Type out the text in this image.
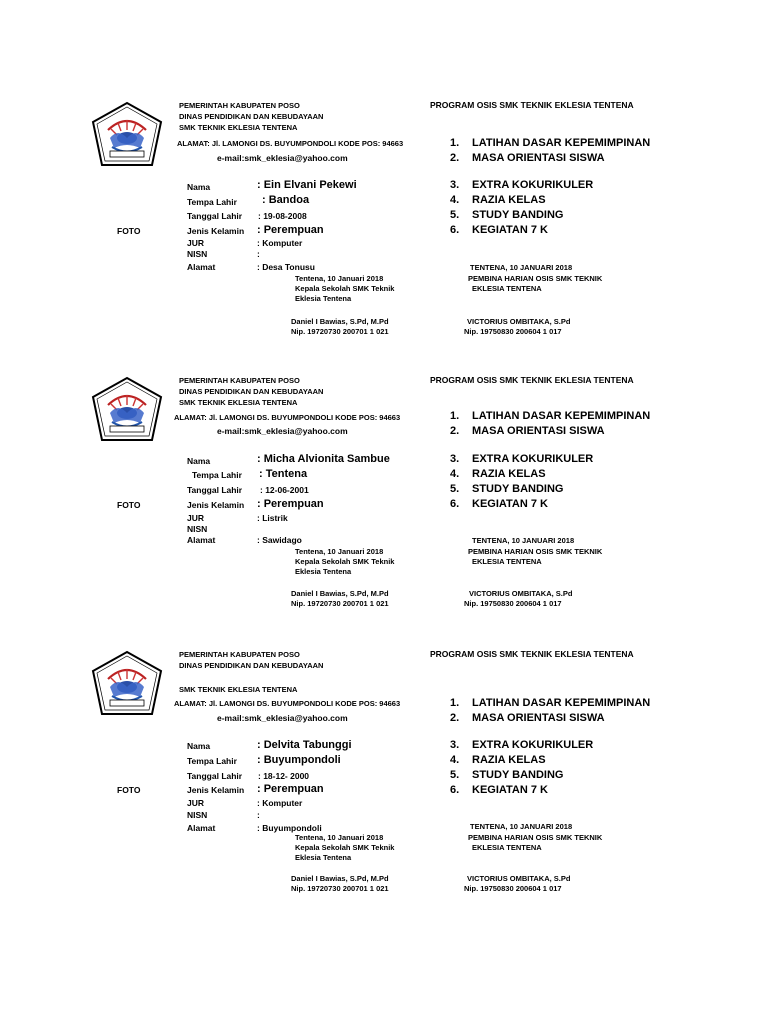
PEMERINTAH KABUPATEN POSO
DINAS PENDIDIKAN DAN KEBUDAYAAN
SMK TEKNIK EKLESIA TENTENA
ALAMAT: Jl. LAMONGI DS. BUYUMPONDOLI KODE POS: 94663
e-mail:smk_eklesia@yahoo.com
PROGRAM OSIS SMK TEKNIK EKLESIA TENTENA
1. LATIHAN DASAR KEPEMIMPINAN
2. MASA ORIENTASI SISWA
3. EXTRA KOKURIKULER
4. RAZIA KELAS
5. STUDY BANDING
6. KEGIATAN 7 K
FOTO
Nama	: Ein Elvani Pekewi
Tempa Lahir : Bandoa
Tanggal Lahir : 19-08-2008
Jenis Kelamin : Perempuan
JUR	: Komputer
NISN	:
Alamat	: Desa Tonusu
Tentena, 10 Januari 2018
Kepala Sekolah SMK Teknik
Eklesia Tentena
Daniel I Bawias, S.Pd, M.Pd
Nip. 19720730 200701 1 021
TENTENA, 10 JANUARI 2018
PEMBINA HARIAN OSIS SMK TEKNIK
EKLESIA TENTENA
VICTORIUS OMBITAKA, S.Pd
Nip. 19750830 200604 1 017
PEMERINTAH KABUPATEN POSO
DINAS PENDIDIKAN DAN KEBUDAYAAN
SMK TEKNIK EKLESIA TENTENA
ALAMAT: Jl. LAMONGI DS. BUYUMPONDOLI KODE POS: 94663
e-mail:smk_eklesia@yahoo.com
PROGRAM OSIS SMK TEKNIK EKLESIA TENTENA
1. LATIHAN DASAR KEPEMIMPINAN
2. MASA ORIENTASI SISWA
3. EXTRA KOKURIKULER
4. RAZIA KELAS
5. STUDY BANDING
6. KEGIATAN 7 K
FOTO
Nama	: Micha Alvionita Sambue
Tempa Lahir : Tentena
Tanggal Lahir : 12-06-2001
Jenis Kelamin : Perempuan
JUR	: Listrik
NISN
Alamat	: Sawidago
Tentena, 10 Januari 2018
Kepala Sekolah SMK Teknik
Eklesia Tentena
Daniel I Bawias, S.Pd, M.Pd
Nip. 19720730 200701 1 021
TENTENA, 10 JANUARI 2018
PEMBINA HARIAN OSIS SMK TEKNIK
EKLESIA TENTENA
VICTORIUS OMBITAKA, S.Pd
Nip. 19750830 200604 1 017
PEMERINTAH KABUPATEN POSO
DINAS PENDIDIKAN DAN KEBUDAYAAN
SMK TEKNIK EKLESIA TENTENA
ALAMAT: Jl. LAMONGI DS. BUYUMPONDOLI KODE POS: 94663
e-mail:smk_eklesia@yahoo.com
PROGRAM OSIS SMK TEKNIK EKLESIA TENTENA
1. LATIHAN DASAR KEPEMIMPINAN
2. MASA ORIENTASI SISWA
3. EXTRA KOKURIKULER
4. RAZIA KELAS
5. STUDY BANDING
6. KEGIATAN 7 K
FOTO
Nama	: Delvita Tabunggi
Tempa Lahir : Buyumpondoli
Tanggal Lahir : 18-12- 2000
Jenis Kelamin : Perempuan
JUR	: Komputer
NISN	:
Alamat	: Buyumpondoli
Tentena, 10 Januari 2018
Kepala Sekolah SMK Teknik
Eklesia Tentena
Daniel I Bawias, S.Pd, M.Pd
Nip. 19720730 200701 1 021
TENTENA, 10 JANUARI 2018
PEMBINA HARIAN OSIS SMK TEKNIK
EKLESIA TENTENA
VICTORIUS OMBITAKA, S.Pd
Nip. 19750830 200604 1 017
